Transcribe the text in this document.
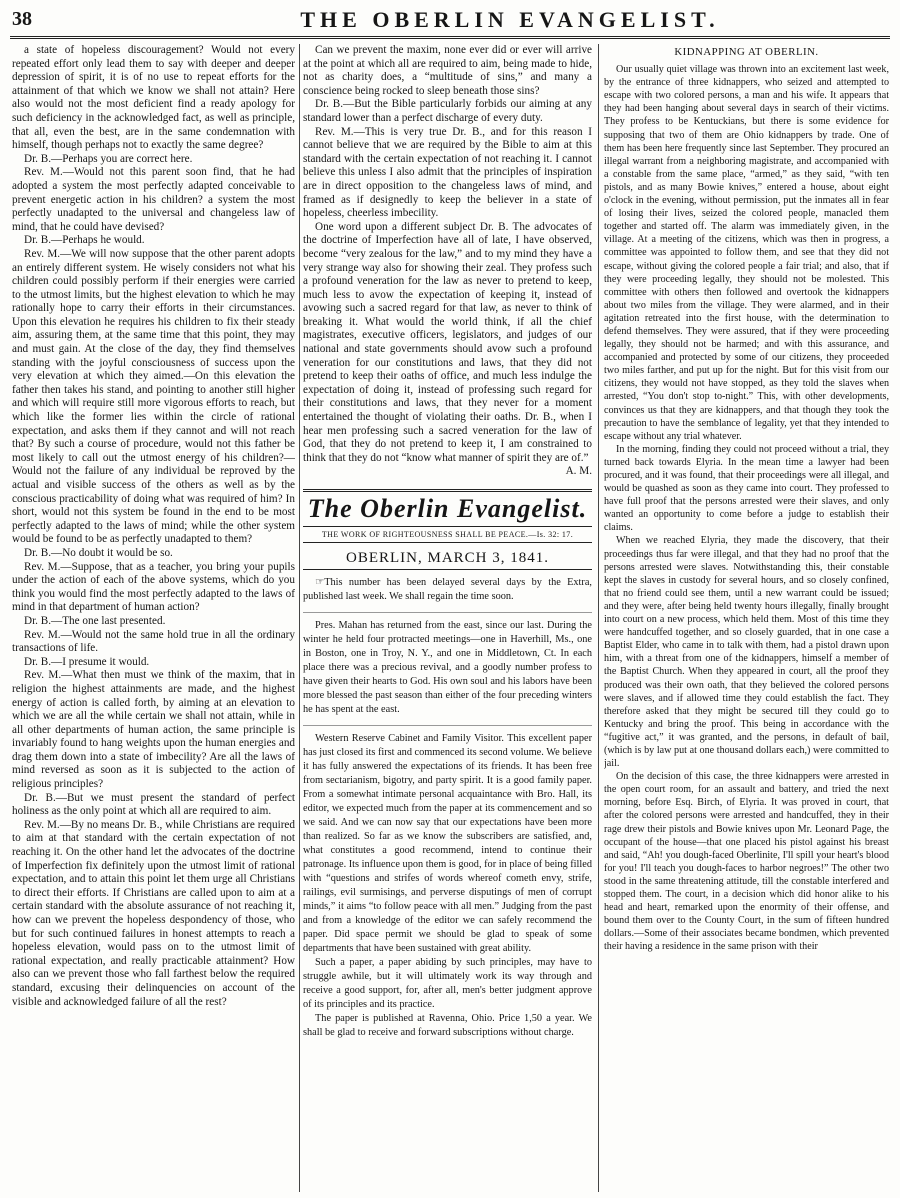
38	THE OBERLIN EVANGELIST.

a state of hopeless discouragement? Would not every repeated effort only lead them to say with deeper and deeper depression of spirit, it is of no use to repeat efforts for the attainment of that which we know we shall not attain? Here also would not the most deficient find a ready apology for such deficiency in the acknowledged fact, as well as principle, that all, even the best, are in the same condemnation with himself, though perhaps not to exactly the same degree?

Dr. B.—Perhaps you are correct here.

Rev. M.—Would not this parent soon find, that he had adopted a system the most perfectly adapted conceivable to prevent energetic action in his children? a system the most perfectly unadapted to the universal and changeless law of mind, that he could have devised?

Dr. B.—Perhaps he would.

Rev. M.—We will now suppose that the other parent adopts an entirely different system. He wisely considers not what his children could possibly perform if their energies were carried to the utmost limits, but the highest elevation to which he may rationally hope to carry their efforts in their circumstances. Upon this elevation he requires his children to fix their steady aim, assuring them, at the same time that this point, they may and must gain. At the close of the day, they find themselves standing with the joyful consciousness of success upon the very elevation at which they aimed.—On this elevation the father then takes his stand, and pointing to another still higher and which will require still more vigorous efforts to reach, but which like the former lies within the circle of rational expectation, and asks them if they cannot and will not reach that? By such a course of procedure, would not this father be most likely to call out the utmost energy of his children?—Would not the failure of any individual be reproved by the actual and visible success of the others as well as by the conscious practicability of doing what was required of him? In short, would not this system be found in the end to be most perfectly adapted to the laws of mind; while the other system would be found to be as perfectly unadapted to them?

Dr. B.—No doubt it would be so.

Rev. M.—Suppose, that as a teacher, you bring your pupils under the action of each of the above systems, which do you think you would find the most perfectly adapted to the laws of mind in that department of human action?

Dr. B.—The one last presented.

Rev. M.—Would not the same hold true in all the ordinary transactions of life.

Dr. B.—I presume it would.

Rev. M.—What then must we think of the maxim, that in religion the highest attainments are made, and the highest energy of action is called forth, by aiming at an elevation to which we are all the while certain we shall not attain, while in all other departments of human action, the same principle is invariably found to hang weights upon the human energies and drag them down into a state of imbecility? Are all the laws of mind reversed as soon as it is subjected to the action of religious principles?

Dr. B.—But we must present the standard of perfect holiness as the only point at which all are required to aim.

Rev. M.—By no means Dr. B., while Christians are required to aim at that standard with the certain expectation of not reaching it. On the other hand let the advocates of the doctrine of Imperfection fix definitely upon the utmost limit of rational expectation, and to attain this point let them urge all Christians to direct their efforts. If Christians are called upon to aim at a certain standard with the absolute assurance of not reaching it, how can we prevent the hopeless despondency of those, who but for such continued failures in honest attempts to reach a hopeless elevation, would pass on to the utmost limit of rational expectation, and really practicable attainment? How also can we prevent those who fall farthest below the required standard, excusing their delinquencies on account of the visible and acknowledged failure of all the rest?

Can we prevent the maxim, none ever did or ever will arrive at the point at which all are required to aim, being made to hide, not as charity does, a “multitude of sins,” and many a conscience being rocked to sleep beneath those sins?

Dr. B.—But the Bible particularly forbids our aiming at any standard lower than a perfect discharge of every duty.

Rev. M.—This is very true Dr. B., and for this reason I cannot believe that we are required by the Bible to aim at this standard with the certain expectation of not reaching it. I cannot believe this unless I also admit that the principles of inspiration are in direct opposition to the changeless laws of mind, and framed as if designedly to keep the believer in a state of hopeless, cheerless imbecility.

One word upon a different subject Dr. B. The advocates of the doctrine of Imperfection have all of late, I have observed, become “very zealous for the law,” and to my mind they have a very strange way also for showing their zeal. They profess such a profound veneration for the law as never to pretend to keep, much less to avow the expectation of keeping it, instead of avowing such a sacred regard for that law, as never to think of breaking it. What would the world think, if all the chief magistrates, executive officers, legislators, and judges of our national and state governments should avow such a profound veneration for our constitutions and laws, that they did not pretend to keep their oaths of office, and much less indulge the expectation of doing it, instead of professing such regard for their constitutions and laws, that they never for a moment entertained the thought of violating their oaths. Dr. B., when I hear men professing such a sacred veneration for the law of God, that they do not pretend to keep it, I am constrained to think that they do not “know what manner of spirit they are of.”

A. M.

The Oberlin Evangelist.
THE WORK OF RIGHTEOUSNESS SHALL BE PEACE.—Is. 32: 17.
OBERLIN, MARCH 3, 1841.

☞This number has been delayed several days by the Extra, published last week. We shall regain the time soon.

Pres. Mahan has returned from the east, since our last. During the winter he held four protracted meetings—one in Haverhill, Ms., one in Boston, one in Troy, N. Y., and one in Middletown, Ct. In each place there was a precious revival, and a goodly number profess to have given their hearts to God. His own soul and his labors have been more blessed the past season than either of the four preceding winters he has spent at the east.

Western Reserve Cabinet and Family Visitor. This excellent paper has just closed its first and commenced its second volume. We believe it has fully answered the expectations of its friends. It has been free from sectarianism, bigotry, and party spirit. It is a good family paper. From a somewhat intimate personal acquaintance with Bro. Hall, its editor, we expected much from the paper at its commencement and so we said. And we can now say that our expectations have been more than realized. So far as we know the subscribers are satisfied, and, what constitutes a good recommend, intend to continue their patronage. Its influence upon them is good, for in place of being filled with “questions and strifes of words whereof cometh envy, strife, railings, evil surmisings, and perverse disputings of men of corrupt minds,” it aims “to follow peace with all men.” Judging from the past and from a knowledge of the editor we can safely recommend the paper. Did space permit we should be glad to speak of some departments that have been sustained with great ability.

Such a paper, a paper abiding by such principles, may have to struggle awhile, but it will ultimately work its way through and receive a good support, for, after all, men's better judgment approve of its principles and its practice.

The paper is published at Ravenna, Ohio. Price 1,50 a year. We shall be glad to receive and forward subscriptions without charge.

KIDNAPPING AT OBERLIN.

Our usually quiet village was thrown into an excitement last week, by the entrance of three kidnappers, who seized and attempted to escape with two colored persons, a man and his wife. It appears that they had been hanging about several days in search of their victims. They profess to be Kentuckians, but there is some evidence for supposing that two of them are Ohio kidnappers by trade. One of them has been here frequently since last September. They procured an illegal warrant from a neighboring magistrate, and accompanied with a constable from the same place, “armed,” as they said, “with ten pistols, and as many Bowie knives,” entered a house, about eight o'clock in the evening, without permission, put the inmates all in fear of losing their lives, seized the colored people, manacled them together and started off. The alarm was immediately given, in the village. At a meeting of the citizens, which was then in progress, a committee was appointed to follow them, and see that they did not escape, without giving the colored people a fair trial; and also, that if they were proceeding legally, they should not be molested. This committee with others then followed and overtook the kidnappers about two miles from the village. They were alarmed, and in their agitation retreated into the first house, with the determination to defend themselves. They were assured, that if they were proceeding legally, they should not be harmed; and with this assurance, and accompanied and protected by some of our citizens, they proceeded two miles farther, and put up for the night. But for this visit from our citizens, they would not have stopped, as they told the slaves when arrested, “You don't stop to-night.” This, with other developments, convinces us that they are kidnappers, and that though they took the precaution to have the semblance of legality, yet that they intended to escape without any trial whatever.

In the morning, finding they could not proceed without a trial, they turned back towards Elyria. In the mean time a lawyer had been procured, and it was found, that their proceedings were all illegal, and would be quashed as soon as they came into court. They professed to have full proof that the persons arrested were their slaves, and only wanted an opportunity to come before a judge to establish their claims.

When we reached Elyria, they made the discovery, that their proceedings thus far were illegal, and that they had no proof that the persons arrested were slaves. Notwithstanding this, their constable kept the slaves in custody for several hours, and so closely confined, that no friend could see them, until a new warrant could be issued; and they were, after being held twenty hours illegally, finally brought into court on a new process, which held them. Most of this time they were handcuffed together, and so closely guarded, that in one case a Baptist Elder, who came in to talk with them, had a pistol drawn upon him, with a threat from one of the kidnappers, himself a member of the Baptist Church. When they appeared in court, all the proof they produced was their own oath, that they believed the colored persons were slaves, and if allowed time they could establish the fact. They therefore asked that they might be secured till they could go to Kentucky and bring the proof. This being in accordance with the “fugitive act,” it was granted, and the persons, in default of bail, (which is by law put at one thousand dollars each,) were committed to jail.

On the decision of this case, the three kidnappers were arrested in the open court room, for an assault and battery, and tried the next morning, before Esq. Birch, of Elyria. It was proved in court, that after the colored persons were arrested and handcuffed, they in their rage drew their pistols and Bowie knives upon Mr. Leonard Page, the occupant of the house—that one placed his pistol against his breast and said, “Ah! you dough-faced Oberlinite, I'll spill your heart's blood for you! I'll teach you dough-faces to harbor negroes!” The other two stood in the same threatening attitude, till the constable interfered and stopped them. The court, in a decision which did honor alike to his head and heart, remarked upon the enormity of their offense, and bound them over to the County Court, in the sum of fifteen hundred dollars.—Some of their associates became bondmen, which prevented their having a residence in the same prison with their
